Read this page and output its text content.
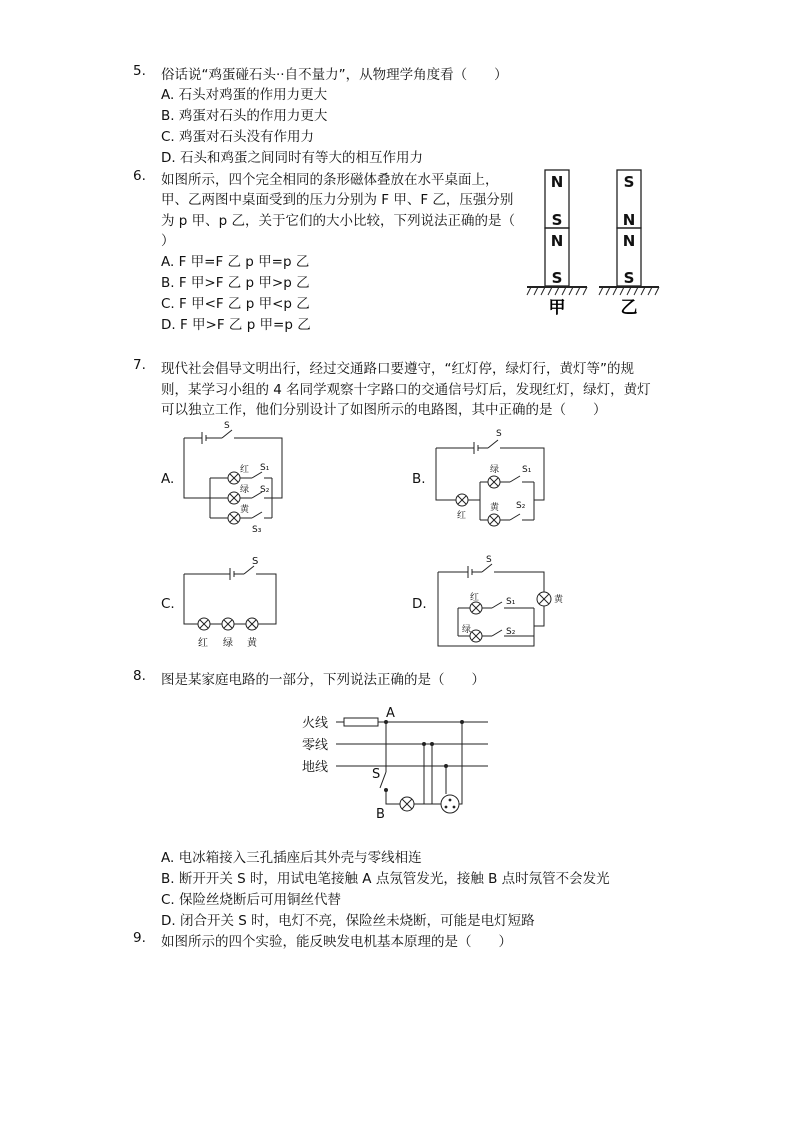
5. 俗话说“鸡蛋碰石头··自不量力”，从物理学角度看（　　）
A. 石头对鸡蛋的作用力更大
B. 鸡蛋对石头的作用力更大
C. 鸡蛋对石头没有作用力
D. 石头和鸡蛋之间同时有等大的相互作用力
6. 如图所示，四个完全相同的条形磁体叠放在水平桌面上，
甲、乙两图中桌面受到的压力分别为 F 甲、F 乙，压强分别
为 p 甲、p 乙，关于它们的大小比较，下列说法正确的是（
）
A. F 甲=F 乙 p 甲=p 乙
B. F 甲>F 乙 p 甲>p 乙
C. F 甲<F 乙 p 甲<p 乙
D. F 甲>F 乙 p 甲=p 乙
N
S
N
S
S
N
N
S
甲	乙
7. 现代社会倡导文明出行，经过交通路口要遵守，“红灯停，绿灯行，黄灯等”的规
则，某学习小组的 4 名同学观察十字路口的交通信号灯后，发现红灯，绿灯，黄灯
可以独立工作，他们分别设计了如图所示的电路图，其中正确的是（　　）
A.	B.
C.	D.
S
红 S₁
绿 S₂
黄
S₃
S
绿	S₁
红
黄 S₂
S
红 绿 黄
S
红	S₁	黄
绿	S₂
8. 图是某家庭电路的一部分，下列说法正确的是（　　）
火线
零线
地线
A
S
B
A. 电冰箱接入三孔插座后其外壳与零线相连
B. 断开开关 S 时，用试电笔接触 A 点氖管发光，接触 B 点时氖管不会发光
C. 保险丝烧断后可用铜丝代替
D. 闭合开关 S 时，电灯不亮，保险丝未烧断，可能是电灯短路
9. 如图所示的四个实验，能反映发电机基本原理的是（　　）
